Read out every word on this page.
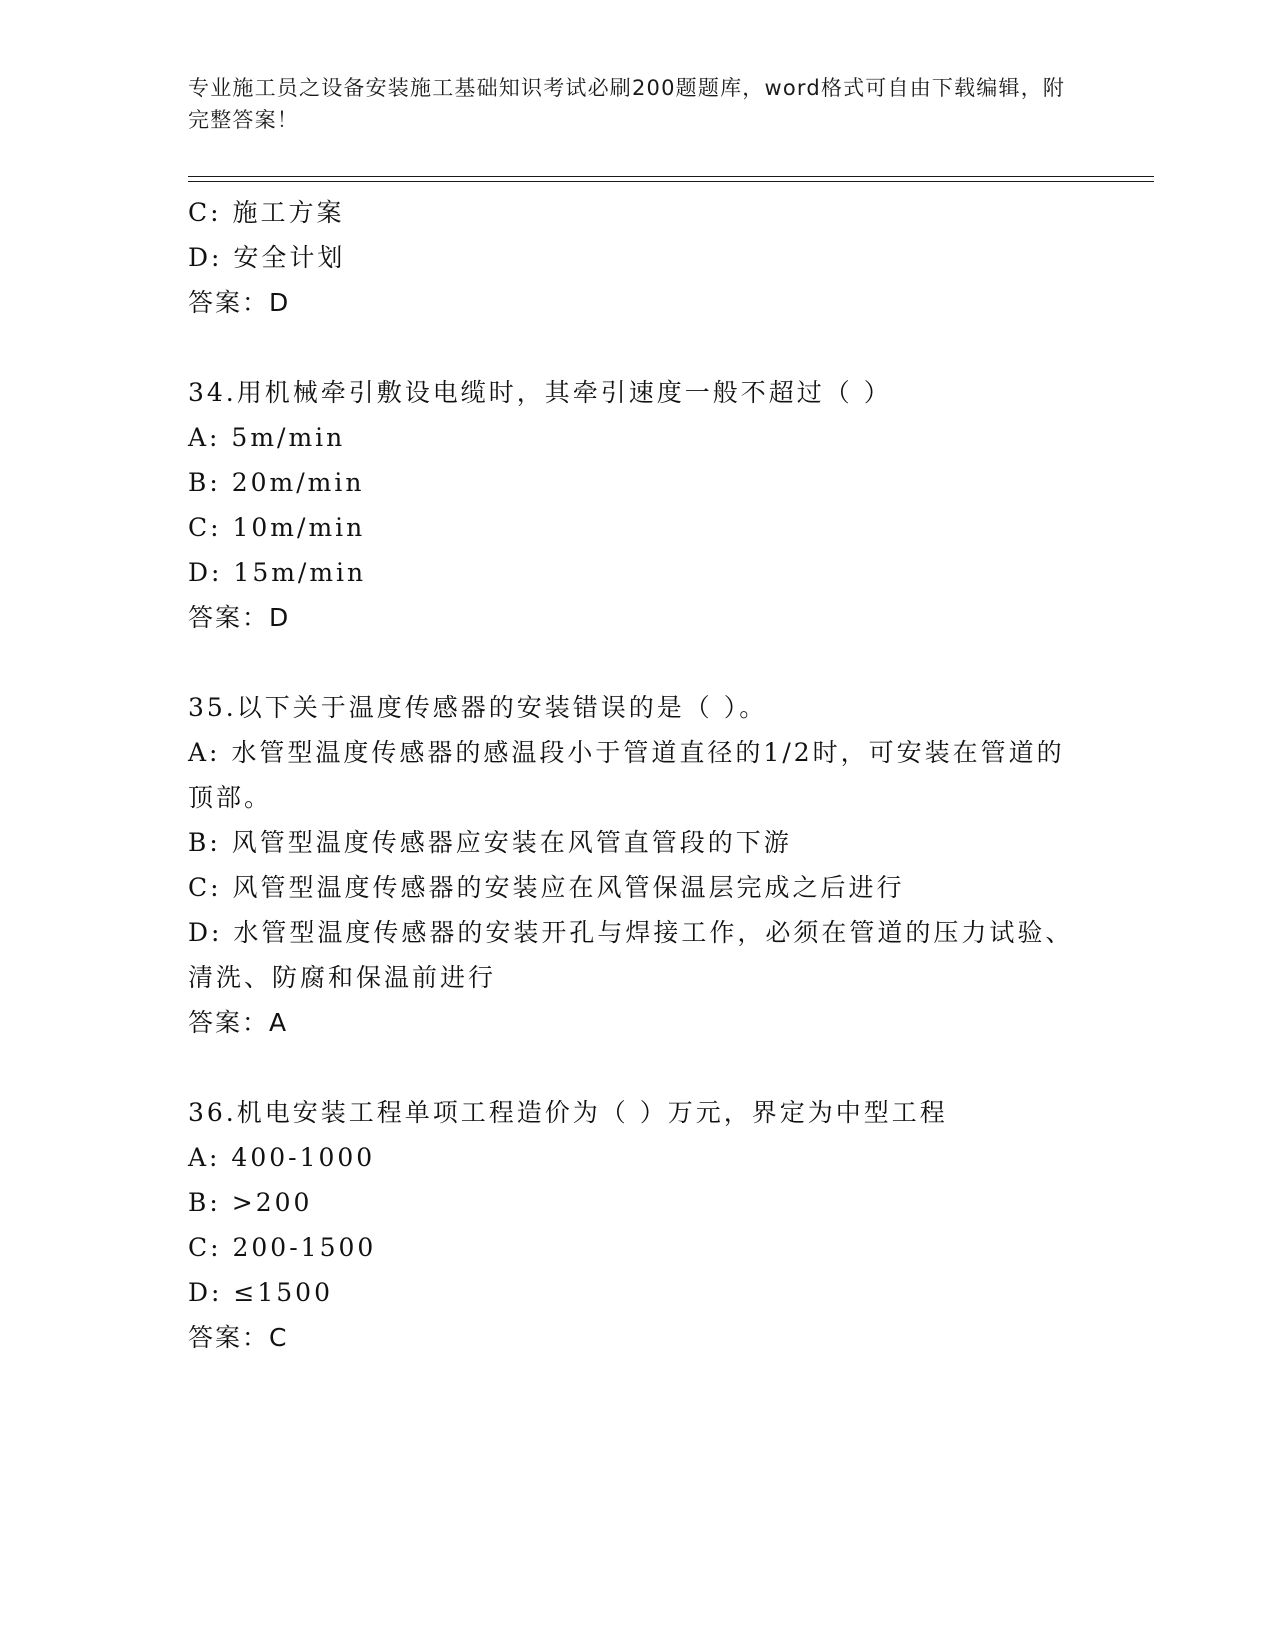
专业施工员之设备安装施工基础知识考试必刷200题题库，word格式可自由下载编辑，附完整答案！
C: 施工方案
D: 安全计划
答案：D
34.用机械牵引敷设电缆时，其牵引速度一般不超过（ ）
A: 5m/min
B: 20m/min
C: 10m/min
D: 15m/min
答案：D
35.以下关于温度传感器的安装错误的是（ ）。
A: 水管型温度传感器的感温段小于管道直径的1/2时，可安装在管道的顶部。
B: 风管型温度传感器应安装在风管直管段的下游
C: 风管型温度传感器的安装应在风管保温层完成之后进行
D: 水管型温度传感器的安装开孔与焊接工作，必须在管道的压力试验、清洗、防腐和保温前进行
答案：A
36.机电安装工程单项工程造价为（ ）万元，界定为中型工程
A: 400-1000
B: >200
C: 200-1500
D: ≤1500
答案：C
